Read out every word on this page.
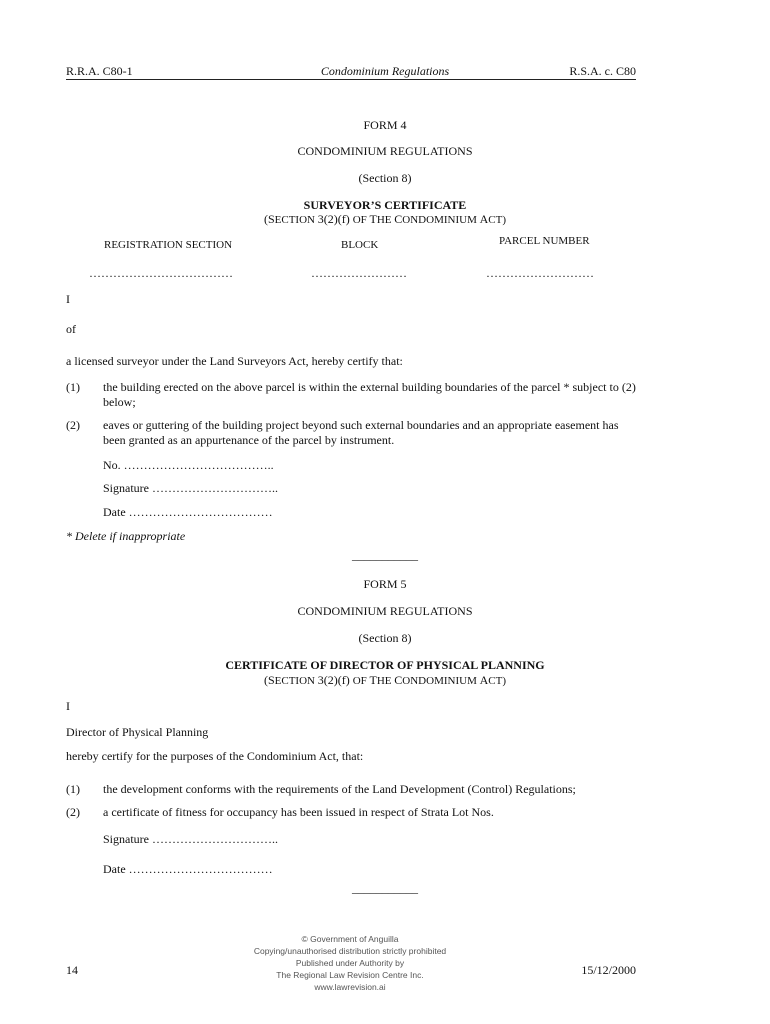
R.R.A. C80-1	Condominium Regulations	R.S.A. c. C80
FORM 4
CONDOMINIUM REGULATIONS
(Section 8)
SURVEYOR’S CERTIFICATE
(SECTION 3(2)(f) OF THE CONDOMINIUM ACT)
REGISTRATION SECTION	BLOCK	PARCEL NUMBER
………………………………	……………………	………………………
I
of
a licensed surveyor under the Land Surveyors Act, hereby certify that:
(1) the building erected on the above parcel is within the external building boundaries of the parcel * subject to (2) below;
(2) eaves or guttering of the building project beyond such external boundaries and an appropriate easement has been granted as an appurtenance of the parcel by instrument.
No. ………………………………..
Signature …………………………..
Date ………………………………
* Delete if inappropriate
___________
FORM 5
CONDOMINIUM REGULATIONS
(Section 8)
CERTIFICATE OF DIRECTOR OF PHYSICAL PLANNING
(SECTION 3(2)(f) OF THE CONDOMINIUM ACT)
I
Director of Physical Planning
hereby certify for the purposes of the Condominium Act, that:
(1) the development conforms with the requirements of the Land Development (Control) Regulations;
(2) a certificate of fitness for occupancy has been issued in respect of Strata Lot Nos.
Signature …………………………..
Date ………………………………
___________
14
© Government of Anguilla
Copying/unauthorised distribution strictly prohibited
Published under Authority by
The Regional Law Revision Centre Inc.
www.lawrevision.ai
15/12/2000
